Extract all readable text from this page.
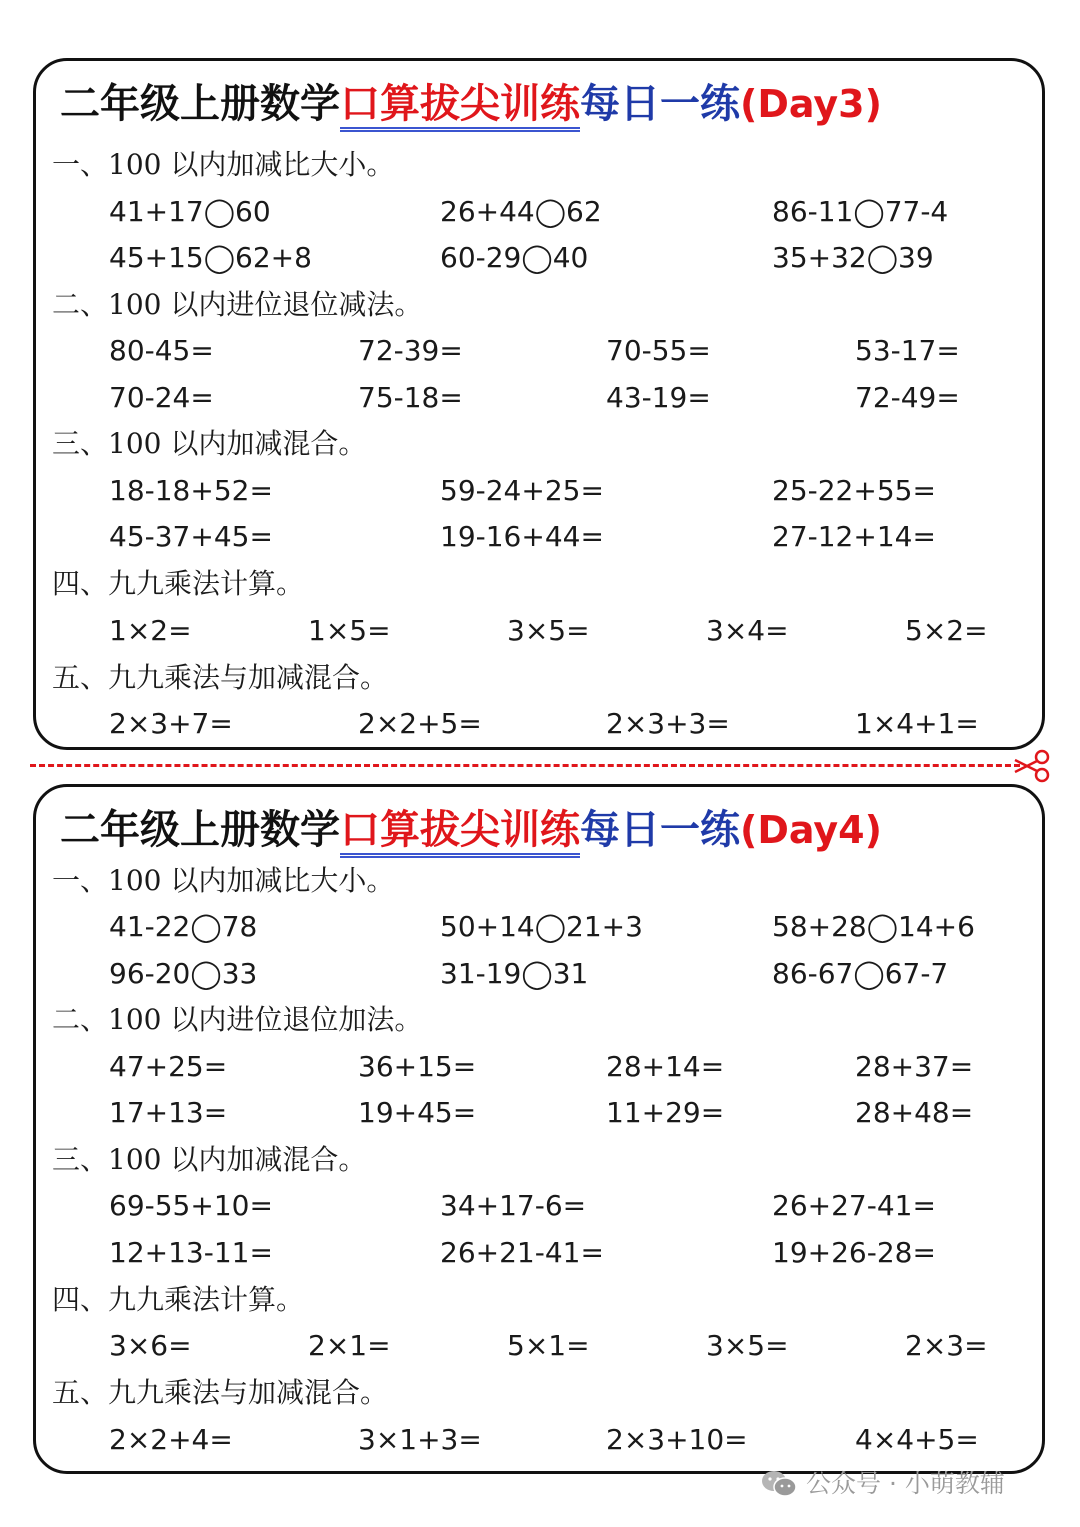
二年级上册数学口算拔尖训练每日一练(Day3)
一、100 以内加减比大小。
41+17◯60	26+44◯62	86-11◯77-4
45+15◯62+8	60-29◯40	35+32◯39
二、100 以内进位退位减法。
80-45=	72-39=	70-55=	53-17=
70-24=	75-18=	43-19=	72-49=
三、100 以内加减混合。
18-18+52=	59-24+25=	25-22+55=
45-37+45=	19-16+44=	27-12+14=
四、九九乘法计算。
1×2=	1×5=	3×5=	3×4=	5×2=
五、九九乘法与加减混合。
2×3+7=	2×2+5=	2×3+3=	1×4+1=
二年级上册数学口算拔尖训练每日一练(Day4)
一、100 以内加减比大小。
41-22◯78	50+14◯21+3	58+28◯14+6
96-20◯33	31-19◯31	86-67◯67-7
二、100 以内进位退位加法。
47+25=	36+15=	28+14=	28+37=
17+13=	19+45=	11+29=	28+48=
三、100 以内加减混合。
69-55+10=	34+17-6=	26+27-41=
12+13-11=	26+21-41=	19+26-28=
四、九九乘法计算。
3×6=	2×1=	5×1=	3×5=	2×3=
五、九九乘法与加减混合。
2×2+4=	3×1+3=	2×3+10=	4×4+5=
公众号 · 小萌教辅
